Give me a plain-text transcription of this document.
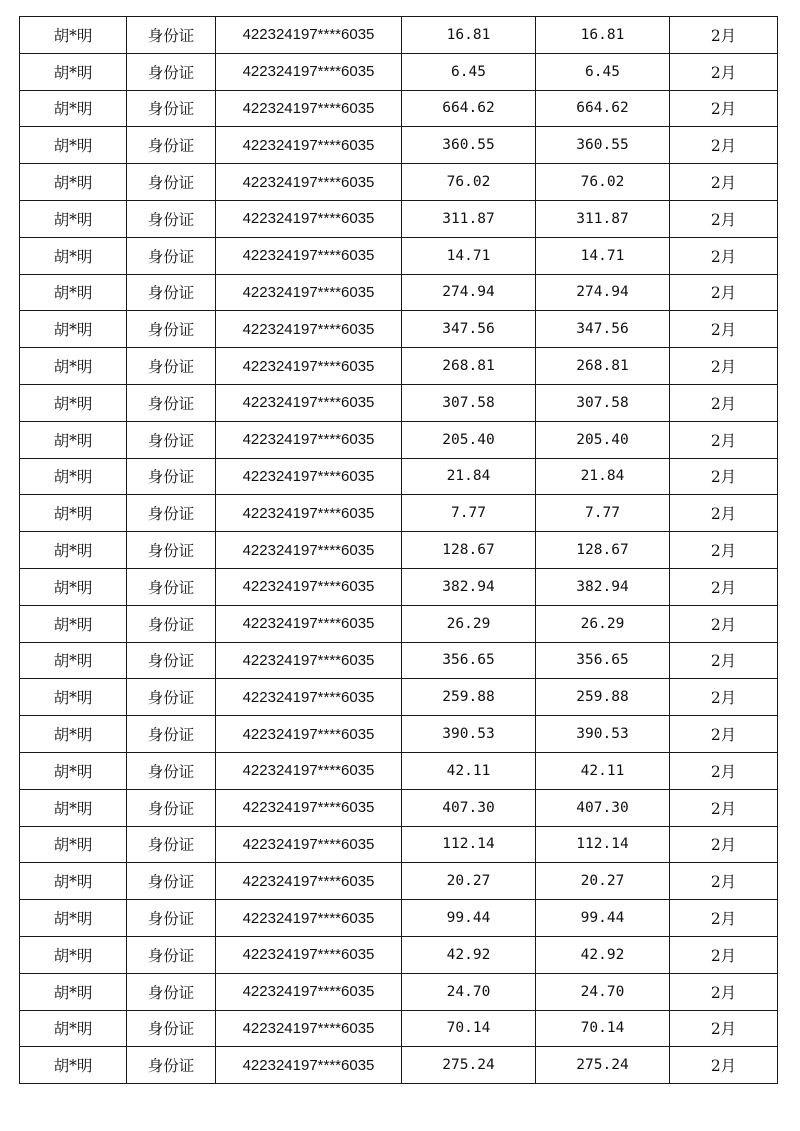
胡*明	身份证	422324197****6035	16.81	16.81	2月
胡*明	身份证	422324197****6035	6.45	6.45	2月
胡*明	身份证	422324197****6035	664.62	664.62	2月
胡*明	身份证	422324197****6035	360.55	360.55	2月
胡*明	身份证	422324197****6035	76.02	76.02	2月
胡*明	身份证	422324197****6035	311.87	311.87	2月
胡*明	身份证	422324197****6035	14.71	14.71	2月
胡*明	身份证	422324197****6035	274.94	274.94	2月
胡*明	身份证	422324197****6035	347.56	347.56	2月
胡*明	身份证	422324197****6035	268.81	268.81	2月
胡*明	身份证	422324197****6035	307.58	307.58	2月
胡*明	身份证	422324197****6035	205.40	205.40	2月
胡*明	身份证	422324197****6035	21.84	21.84	2月
胡*明	身份证	422324197****6035	7.77	7.77	2月
胡*明	身份证	422324197****6035	128.67	128.67	2月
胡*明	身份证	422324197****6035	382.94	382.94	2月
胡*明	身份证	422324197****6035	26.29	26.29	2月
胡*明	身份证	422324197****6035	356.65	356.65	2月
胡*明	身份证	422324197****6035	259.88	259.88	2月
胡*明	身份证	422324197****6035	390.53	390.53	2月
胡*明	身份证	422324197****6035	42.11	42.11	2月
胡*明	身份证	422324197****6035	407.30	407.30	2月
胡*明	身份证	422324197****6035	112.14	112.14	2月
胡*明	身份证	422324197****6035	20.27	20.27	2月
胡*明	身份证	422324197****6035	99.44	99.44	2月
胡*明	身份证	422324197****6035	42.92	42.92	2月
胡*明	身份证	422324197****6035	24.70	24.70	2月
胡*明	身份证	422324197****6035	70.14	70.14	2月
胡*明	身份证	422324197****6035	275.24	275.24	2月
